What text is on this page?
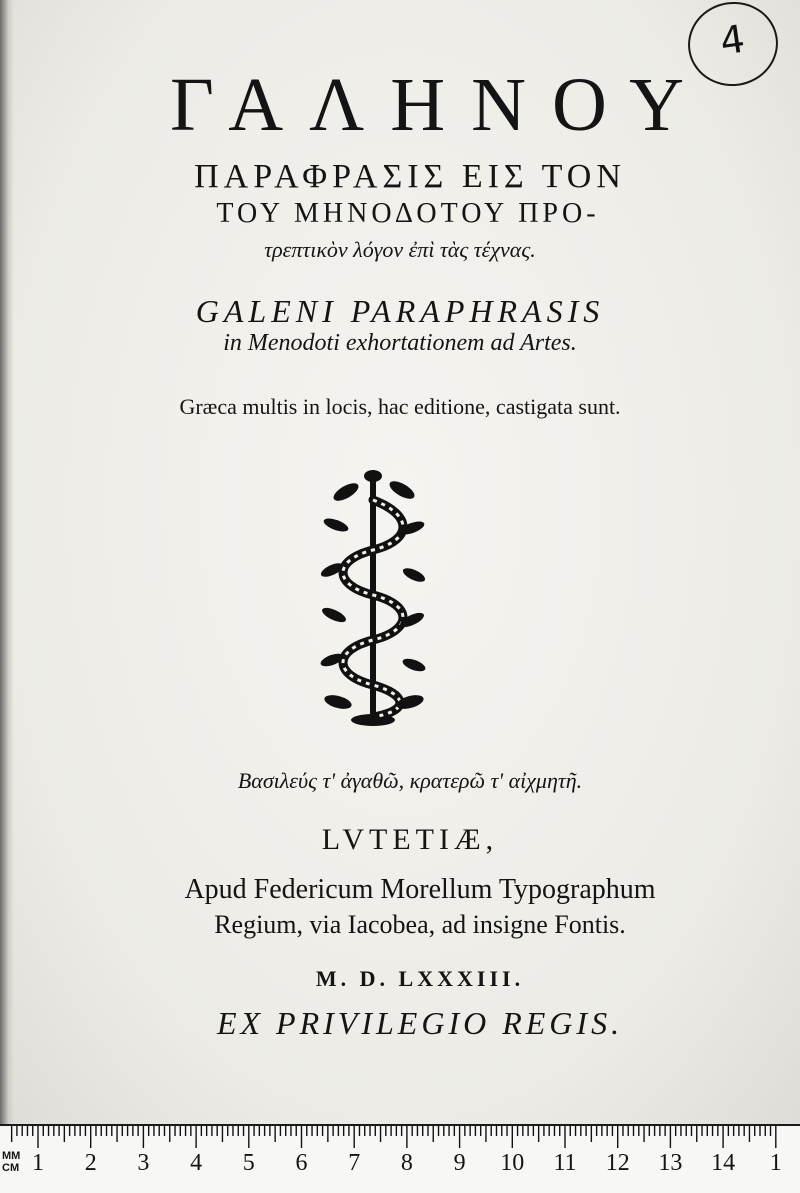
4
ΓΑΛΗΝΟΥ
ΠΑΡΑΦΡΑΣΙΣ ΕΙΣ ΤΟΝ
ΤΟΥ ΜΗΝΟΔΟΤΟΥ ΠΡΟ-
τρεπτικὸν λόγον ἐπὶ τὰς τέχνας.
GALENI PARAPHRASIS
in Menodoti exhortationem ad Artes.
Græca multis in locis, hac editione, castigata sunt.
Βασιλεύς τ' ἀγαθῶ, κρατερῶ τ' αἰχμητῆ.
LVTETIÆ,
Apud Federicum Morellum Typographum
Regium, via Iacobea, ad insigne Fontis.
M. D. LXXXIII.
EX PRIVILEGIO REGIS.
MM CM 1 2 3 4 5 6 7 8 9 10 11 12 13 14 1
